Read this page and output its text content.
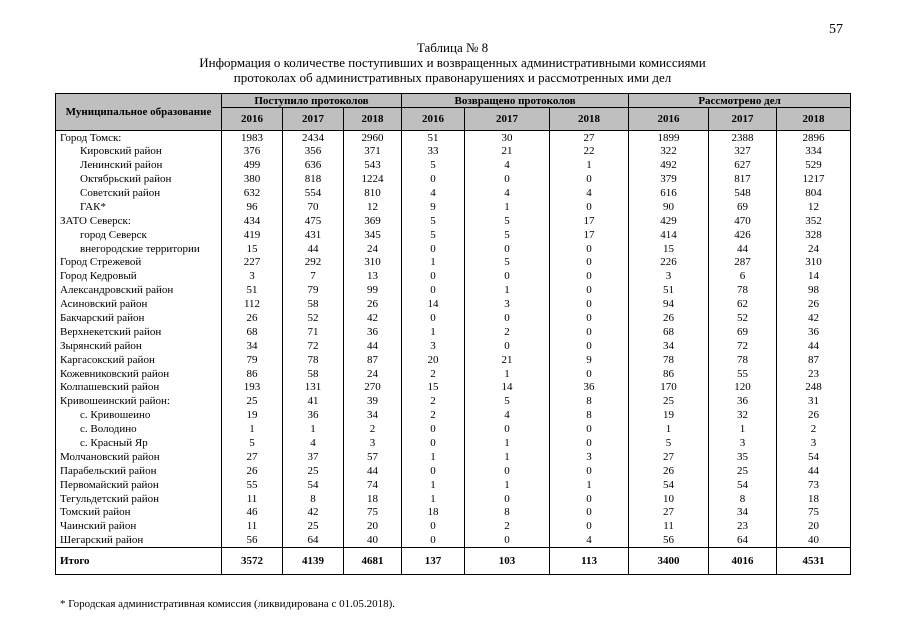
57
Таблица № 8
Информация о количестве поступивших и возвращенных административными комиссиями
протоколах об административных правонарушениях и рассмотренных ими дел
Муниципальное образование	Поступило протоколов			Возвращено протоколов			Рассмотрено дел		
	2016	2017	2018	2016	2017	2018	2016	2017	2018
Город Томск:	1983	2434	2960	51	30	27	1899	2388	2896
Кировский район	376	356	371	33	21	22	322	327	334
Ленинский район	499	636	543	5	4	1	492	627	529
Октябрьский район	380	818	1224	0	0	0	379	817	1217
Советский район	632	554	810	4	4	4	616	548	804
ГАК*	96	70	12	9	1	0	90	69	12
ЗАТО Северск:	434	475	369	5	5	17	429	470	352
город Северск	419	431	345	5	5	17	414	426	328
внегородские территории	15	44	24	0	0	0	15	44	24
Город Стрежевой	227	292	310	1	5	0	226	287	310
Город Кедровый	3	7	13	0	0	0	3	6	14
Александровский район	51	79	99	0	1	0	51	78	98
Асиновский район	112	58	26	14	3	0	94	62	26
Бакчарский район	26	52	42	0	0	0	26	52	42
Верхнекетский район	68	71	36	1	2	0	68	69	36
Зырянский район	34	72	44	3	0	0	34	72	44
Каргасокский район	79	78	87	20	21	9	78	78	87
Кожевниковский район	86	58	24	2	1	0	86	55	23
Колпашевский район	193	131	270	15	14	36	170	120	248
Кривошеинский район:	25	41	39	2	5	8	25	36	31
с. Кривошеино	19	36	34	2	4	8	19	32	26
с. Володино	1	1	2	0	0	0	1	1	2
с. Красный Яр	5	4	3	0	1	0	5	3	3
Молчановский район	27	37	57	1	1	3	27	35	54
Парабельский район	26	25	44	0	0	0	26	25	44
Первомайский район	55	54	74	1	1	1	54	54	73
Тегульдетский район	11	8	18	1	0	0	10	8	18
Томский район	46	42	75	18	8	0	27	34	75
Чаинский район	11	25	20	0	2	0	11	23	20
Шегарский район	56	64	40	0	0	4	56	64	40
Итого	3572	4139	4681	137	103	113	3400	4016	4531
* Городская административная комиссия (ликвидирована с 01.05.2018).
